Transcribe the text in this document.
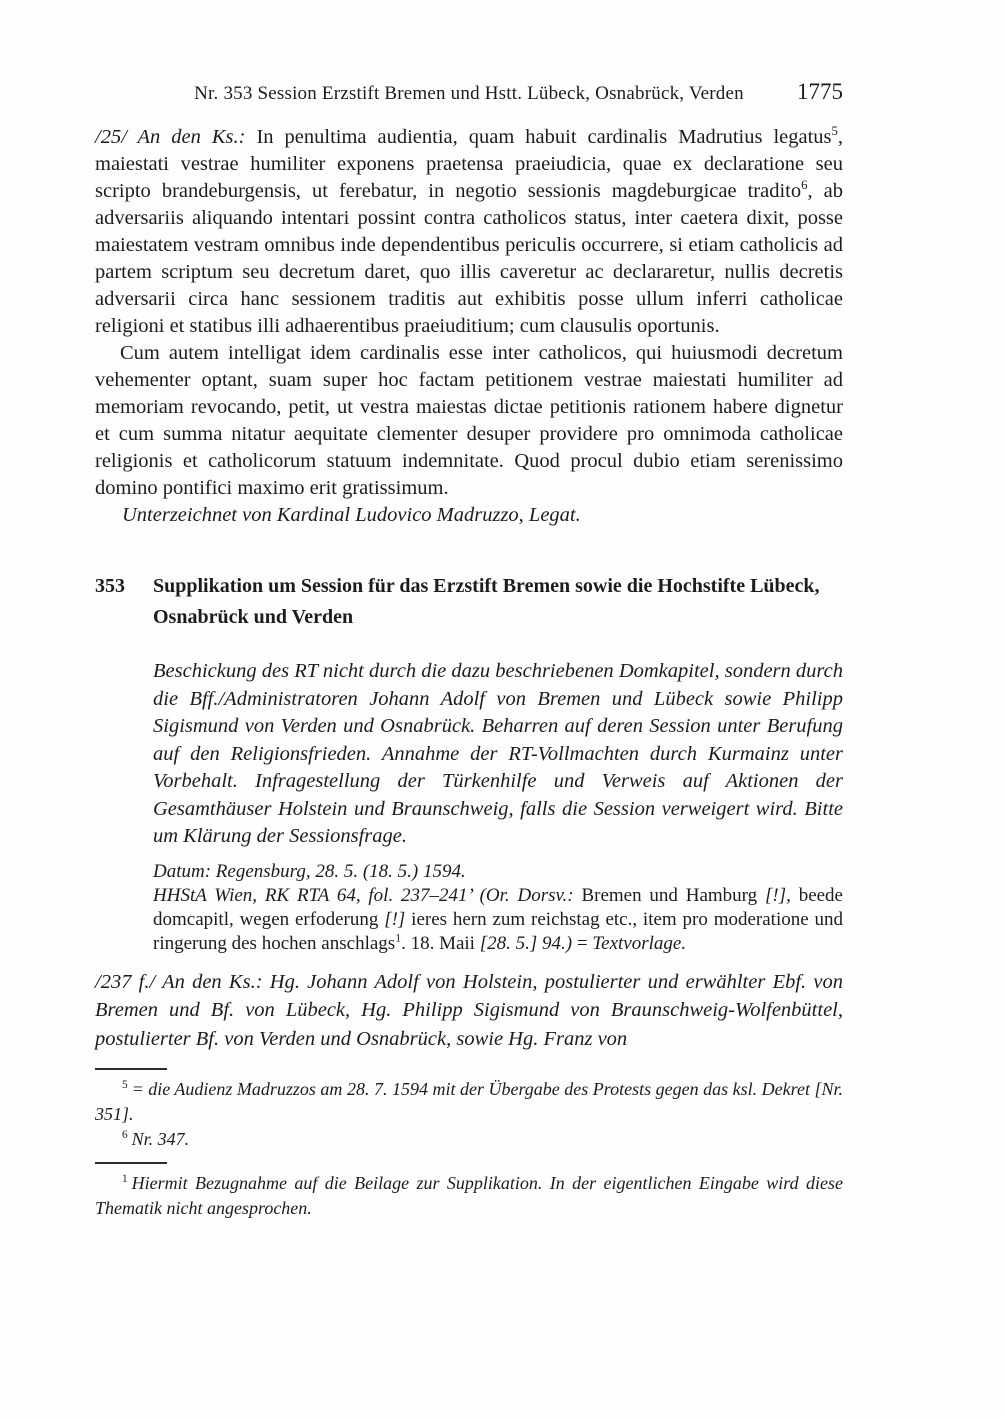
Nr. 353 Session Erzstift Bremen und Hstt. Lübeck, Osnabrück, Verden	1775

/25/ An den Ks.: In penultima audientia, quam habuit cardinalis Madrutius legatus$^5$, maiestati vestrae humiliter exponens praetensa praeiudicia, quae ex declaratione seu scripto brandeburgensis, ut ferebatur, in negotio sessionis magdeburgicae tradito$^6$, ab adversariis aliquando intentari possint contra catholicos status, inter caetera dixit, posse maiestatem vestram omnibus inde dependentibus periculis occurrere, si etiam catholicis ad partem scriptum seu decretum daret, quo illis caveretur ac declararetur, nullis decretis adversarii circa hanc sessionem traditis aut exhibitis posse ullum inferri catholicae religioni et statibus illi adhaerentibus praeiuditium; cum clausulis oportunis.

Cum autem intelligat idem cardinalis esse inter catholicos, qui huiusmodi decretum vehementer optant, suam super hoc factam petitionem vestrae maiestati humiliter ad memoriam revocando, petit, ut vestra maiestas dictae petitionis rationem habere dignetur et cum summa nitatur aequitate clementer desuper providere pro omnimoda catholicae religionis et catholicorum statuum indemnitate. Quod procul dubio etiam serenissimo domino pontifici maximo erit gratissimum.

Unterzeichnet von Kardinal Ludovico Madruzzo, Legat.

353	Supplikation um Session für das Erzstift Bremen sowie die Hochstifte Lübeck, Osnabrück und Verden

Beschickung des RT nicht durch die dazu beschriebenen Domkapitel, sondern durch die Bff./Administratoren Johann Adolf von Bremen und Lübeck sowie Philipp Sigismund von Verden und Osnabrück. Beharren auf deren Session unter Berufung auf den Religionsfrieden. Annahme der RT-Vollmachten durch Kurmainz unter Vorbehalt. Infragestellung der Türkenhilfe und Verweis auf Aktionen der Gesamthäuser Holstein und Braunschweig, falls die Session verweigert wird. Bitte um Klärung der Sessionsfrage.

Datum: Regensburg, 28. 5. (18. 5.) 1594.

HHStA Wien, RK RTA 64, fol. 237–241’ (Or. Dorsv.: Bremen und Hamburg [!], beede domcapitl, wegen erfoderung [!] ieres hern zum reichstag etc., item pro moderatione und ringerung des hochen anschlags$^1$. 18. Maii [28. 5.] 94.) = Textvorlage.

/237 f./ An den Ks.: Hg. Johann Adolf von Holstein, postulierter und erwählter Ebf. von Bremen und Bf. von Lübeck, Hg. Philipp Sigismund von Braunschweig-Wolfenbüttel, postulierter Bf. von Verden und Osnabrück, sowie Hg. Franz von

$^5$ = die Audienz Madruzzos am 28. 7. 1594 mit der Übergabe des Protests gegen das ksl. Dekret [Nr. 351].

$^6$ Nr. 347.

$^1$ Hiermit Bezugnahme auf die Beilage zur Supplikation. In der eigentlichen Eingabe wird diese Thematik nicht angesprochen.
